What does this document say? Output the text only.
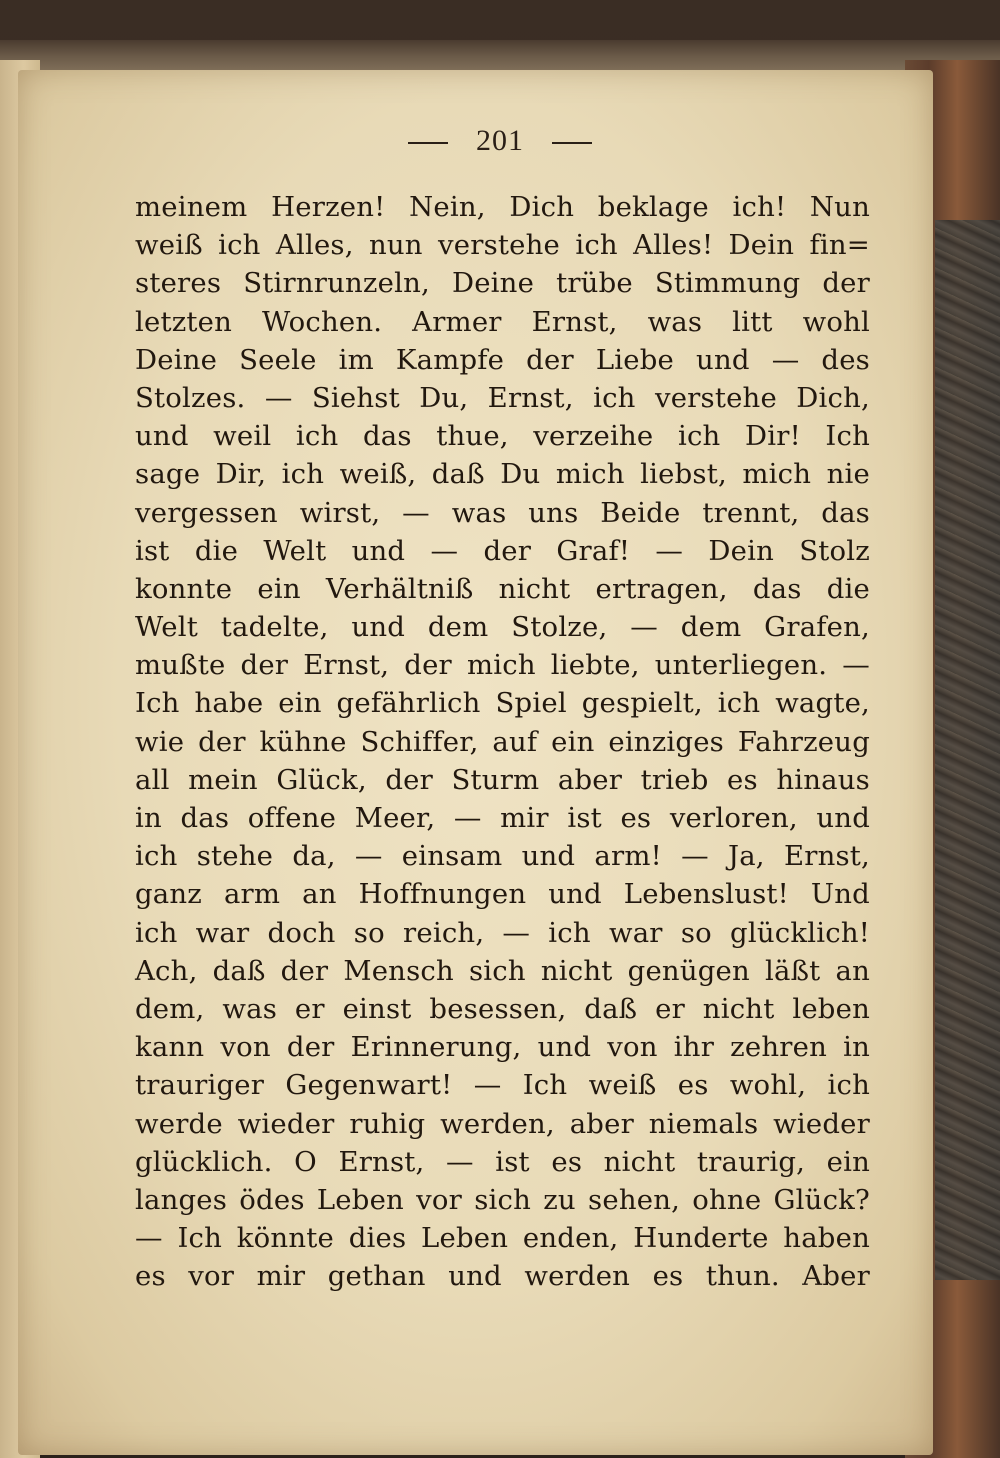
201
meinem Herzen! Nein, Dich beklage ich! Nun
weiß ich Alles, nun verstehe ich Alles! Dein fin=
steres Stirnrunzeln, Deine trübe Stimmung der
letzten Wochen. Armer Ernst, was litt wohl
Deine Seele im Kampfe der Liebe und — des
Stolzes. — Siehst Du, Ernst, ich verstehe Dich,
und weil ich das thue, verzeihe ich Dir! Ich
sage Dir, ich weiß, daß Du mich liebst, mich nie
vergessen wirst, — was uns Beide trennt, das
ist die Welt und — der Graf! — Dein Stolz
konnte ein Verhältniß nicht ertragen, das die
Welt tadelte, und dem Stolze, — dem Grafen,
mußte der Ernst, der mich liebte, unterliegen. —
Ich habe ein gefährlich Spiel gespielt, ich wagte,
wie der kühne Schiffer, auf ein einziges Fahrzeug
all mein Glück, der Sturm aber trieb es hinaus
in das offene Meer, — mir ist es verloren, und
ich stehe da, — einsam und arm! — Ja, Ernst,
ganz arm an Hoffnungen und Lebenslust! Und
ich war doch so reich, — ich war so glücklich!
Ach, daß der Mensch sich nicht genügen läßt an
dem, was er einst besessen, daß er nicht leben
kann von der Erinnerung, und von ihr zehren in
trauriger Gegenwart! — Ich weiß es wohl, ich
werde wieder ruhig werden, aber niemals wieder
glücklich. O Ernst, — ist es nicht traurig, ein
langes ödes Leben vor sich zu sehen, ohne Glück?
— Ich könnte dies Leben enden, Hunderte haben
es vor mir gethan und werden es thun. Aber
